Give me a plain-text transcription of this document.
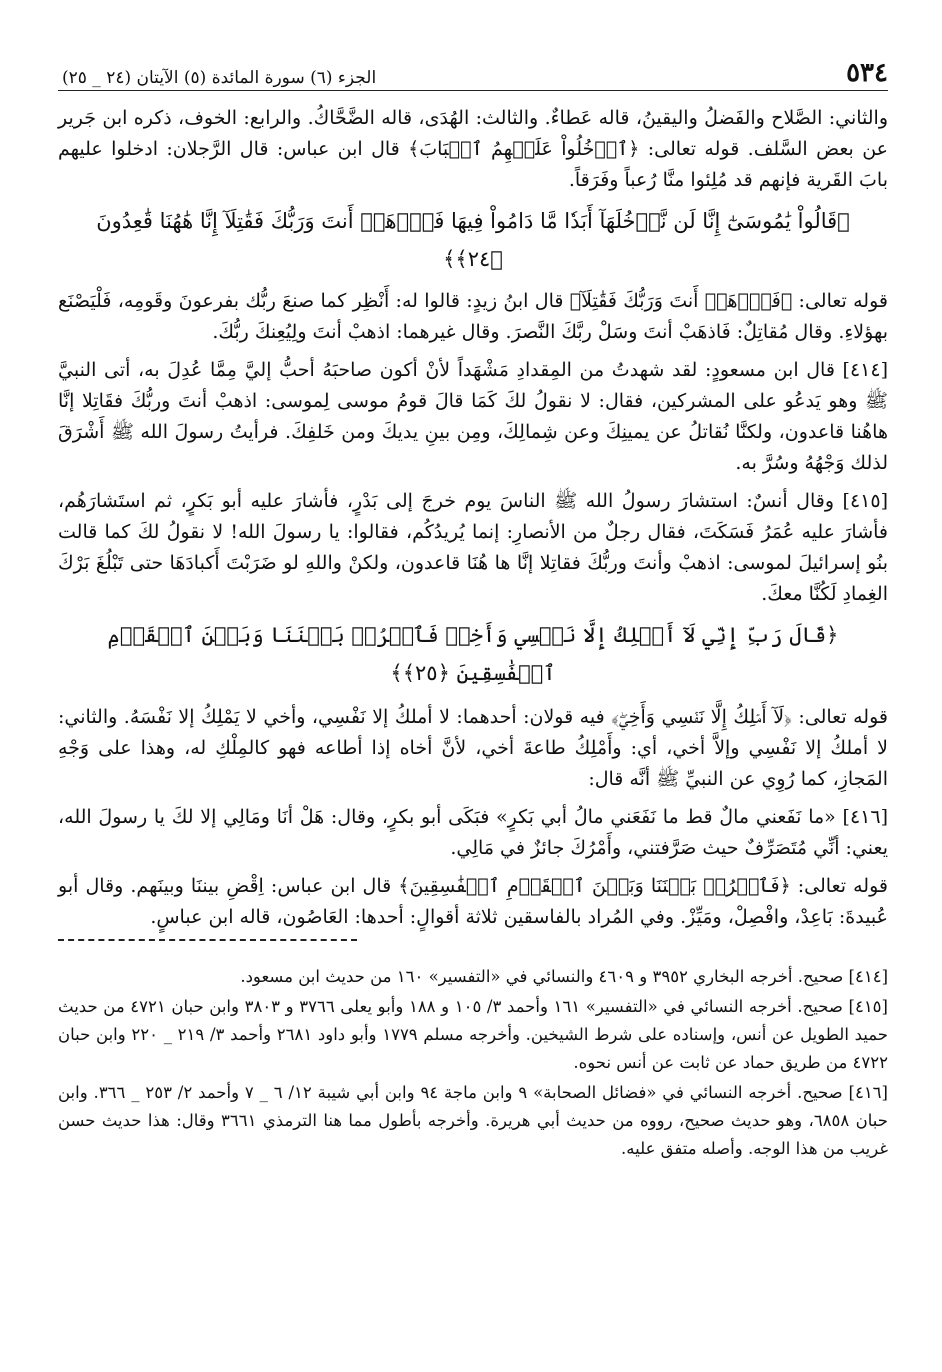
٥٣٤
الجزء (٦) سورة المائدة (٥) الآيتان (٢٤ _ ٢٥)

والثاني: الصَّلاح والفَضلُ واليقينُ، قاله عَطاءٌ. والثالث: الهُدَى، قاله الضَّحَّاكُ. والرابع: الخوف، ذكره ابن جَرير عن بعض السَّلف. قوله تعالى: ﴿ٱدۡخُلُواْ عَلَيۡهِمُ ٱلۡبَابَ﴾ قال ابن عباس: قال الرَّجلان: ادخلوا عليهم بابَ القَرية فإنهم قد مُلِئوا منَّا رُعباً وفَرَقاً.

﴿قَالُواْ يَٰمُوسَىٰٓ إِنَّا لَن نَّدۡخُلَهَآ أَبَدٗا مَّا دَامُواْ فِيهَا فَٱذۡهَبۡ أَنتَ وَرَبُّكَ فَقَٰتِلَآ إِنَّا هَٰهُنَا قَٰعِدُونَ ﴿٢٤﴾﴾

قوله تعالى: ﴿فَٱذۡهَبۡ أَنتَ وَرَبُّكَ فَقَٰتِلَآ﴾ قال ابنُ زيدٍ: قالوا له: أَنْظِر كما صنعَ ربُّك بفرعونَ وقَومِه، فَلْيَصْنَع بهؤلاءِ. وقال مُقاتِلٌ: فَاذهَبْ أنتَ وسَلْ ربَّكَ النَّصرَ. وقال غيرهما: اذهبْ أنتَ ولِيُعِنكَ ربُّكَ.

[٤١٤] قال ابن مسعودٍ: لقد شهدتُ من المِقدادِ مَشْهَداً لأنْ أكون صاحبَهُ أحبُّ إليَّ مِمَّا عُدِلَ به، أتى النبيَّ ﷺ وهو يَدعُو على المشركين، فقال: لا نقولُ لكَ كَمَا قالَ قومُ موسى لِموسى: اذهبْ أنتَ وربُّكَ فقَاتِلا إنَّا هاهُنا قاعدون، ولكنَّا نُقاتلُ عن يمينِكَ وعن شِمالِكَ، ومِن بينِ يديكَ ومن خَلفِكَ. فرأيتُ رسولَ الله ﷺ أَشْرَقَ لذلك وَجْهُهُ وسُرَّ به.

[٤١٥] وقال أنسٌ: استشارَ رسولُ الله ﷺ الناسَ يوم خرجَ إلى بَدْرٍ، فأشارَ عليه أبو بَكرٍ، ثم استَشارَهُم، فأشارَ عليه عُمَرُ فَسَكَتَ، فقال رجلٌ من الأنصارِ: إنما يُريدُكُم، فقالوا: يا رسولَ الله! لا نقولُ لكَ كما قالت بنُو إسرائيلَ لموسى: اذهبْ وأنتَ وربُّكَ فقاتِلا إنَّا ها هُنَا قاعدون، ولكنْ واللهِ لو ضَرَبْتَ أَكبادَهَا حتى تَبْلُغَ بَرْكَ الغِمادِ لَكُنَّا معكَ.

﴿قَالَ رَبِّ إِنِّي لَآ أَمۡلِكُ إِلَّا نَفۡسِي وَأَخِيۖ فَٱفۡرُقۡ بَيۡنَنَا وَبَيۡنَ ٱلۡقَوۡمِ ٱلۡفَٰسِقِينَ ﴿٢٥﴾﴾

قوله تعالى: ﴿لَآ أَمۡلِكُ إِلَّا نَفۡسِي وَأَخِيۖ﴾ فيه قولان: أحدهما: لا أملكُ إلا نَفْسِي، وأخي لا يَمْلِكُ إلا نَفْسَهُ. والثاني: لا أملكُ إلا نَفْسِي وإلاَّ أخي، أي: وأَمْلِكُ طاعةَ أخي، لأنَّ أخاه إذا أطاعه فهو كالمِلْكِ له، وهذا على وَجْهِ المَجازِ، كما رُوِي عن النبيِّ ﷺ أنَّه قال:

[٤١٦] «ما نَفَعني مالٌ قط ما نَفَعَني مالُ أبي بَكرٍ» فبَكَى أبو بكرٍ، وقال: هَلْ أنَا ومَالِي إلا لكَ يا رسولَ الله، يعني: أنِّي مُتَصَرِّفٌ حيث صَرَّفتني، وأَمْرُكَ جائزٌ في مَالِي.

قوله تعالى: ﴿فَٱفۡرُقۡ بَيۡنَنَا وَبَيۡنَ ٱلۡقَوۡمِ ٱلۡفَٰسِقِينَ﴾ قال ابن عباس: اِقْضِ بيننَا وبينَهم. وقال أبو عُبيدةَ: بَاعِدْ، وافْصِلْ، ومَيِّزْ. وفي المُراد بالفاسقين ثلاثة أقوالٍ: أحدها: العَاصُون، قاله ابن عباسٍ.

[٤١٤] صحيح. أخرجه البخاري ٣٩٥٢ و ٤٦٠٩ والنسائي في «التفسير» ١٦٠ من حديث ابن مسعود.

[٤١٥] صحيح. أخرجه النسائي في «التفسير» ١٦١ وأحمد ٣/ ١٠٥ و ١٨٨ وأبو يعلى ٣٧٦٦ و ٣٨٠٣ وابن حبان ٤٧٢١ من حديث حميد الطويل عن أنس، وإسناده على شرط الشيخين. وأخرجه مسلم ١٧٧٩ وأبو داود ٢٦٨١ وأحمد ٣/ ٢١٩ _ ٢٢٠ وابن حبان ٤٧٢٢ من طريق حماد عن ثابت عن أنس نحوه.

[٤١٦] صحيح. أخرجه النسائي في «فضائل الصحابة» ٩ وابن ماجة ٩٤ وابن أبي شيبة ١٢/ ٦ _ ٧ وأحمد ٢/ ٢٥٣ _ ٣٦٦. وابن حبان ٦٨٥٨، وهو حديث صحيح، رووه من حديث أبي هريرة. وأخرجه بأطول مما هنا الترمذي ٣٦٦١ وقال: هذا حديث حسن غريب من هذا الوجه. وأصله متفق عليه.
